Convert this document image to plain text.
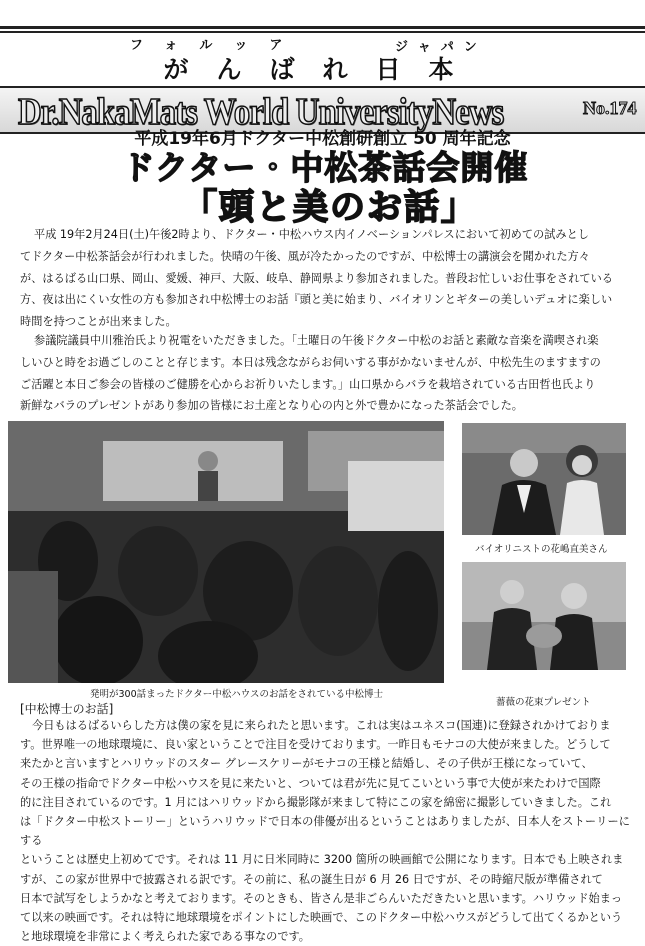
フォルッア	ジャパン
がんばれ日本
Dr.NakaMats World UniversityNews	No.174
平成19年6月ドクター中松創研創立 50 周年記念
ドクター・中松茶話会開催
「頭と美のお話」
平成 19年2月24日(土)午後2時より、ドクター・中松ハウス内イノベーションパレスにおいて初めての試みとし
てドクター中松茶話会が行われました。快晴の午後、風が冷たかったのですが、中松博士の講演会を聞かれた方々
が、はるばる山口県、岡山、愛媛、神戸、大阪、岐阜、静岡県より参加されました。普段お忙しいお仕事をされている
方、夜は出にくい女性の方も参加され中松博士のお話『頭と美に始まり、バイオリンとギターの美しいデュオに楽しい
時間を持つことが出来ました。
参議院議員中川雅治氏より祝電をいただきました。「土曜日の午後ドクター中松のお話と素敵な音楽を満喫され楽
しいひと時をお過ごしのことと存じます。本日は残念ながらお伺いする事がかないませんが、中松先生のますますの
ご活躍と本日ご参会の皆様のご健勝を心からお祈りいたします。」山口県からバラを栽培されている古田哲也氏より
新鮮なバラのプレゼントがあり参加の皆様にお土産となり心の内と外で豊かになった茶話会でした。
発明が300話まったドクター中松ハウスのお話をされている中松博士
バイオリニストの花嶋直美さん
薔薇の花束プレゼント
[中松博士のお話]
今日もはるばるいらした方は僕の家を見に来られたと思います。これは実はユネスコ(国連)に登録されかけておりま
す。世界唯一の地球環境に、良い家ということで注目を受けております。一昨日もモナコの大使が来ました。どうして
来たかと言いますとハリウッドのスター グレースケリーがモナコの王様と結婚し、その子供が王様になっていて、
その王様の指命でドクター中松ハウスを見に来たいと、ついては君が先に見てこいという事で大使が来たわけで国際
的に注目されているのです。1 月にはハリウッドから撮影隊が来まして特にこの家を綿密に撮影していきました。これ
は「ドクター中松ストーリー」というハリウッドで日本の俳優が出るということはありましたが、日本人をストーリーにする
ということは歴史上初めてです。それは 11 月に日米同時に 3200 箇所の映画館で公開になります。日本でも上映されま
すが、この家が世界中で披露される訳です。その前に、私の誕生日が 6 月 26 日ですが、その時縮尺版が準備されて
日本で試写をしようかなと考えております。そのときも、皆さん是非ごらんいただきたいと思います。ハリウッド始まっ
て以来の映画です。それは特に地球環境をポイントにした映画で、このドクター中松ハウスがどうして出てくるかという
と地球環境を非常によく考えられた家である事なのです。
